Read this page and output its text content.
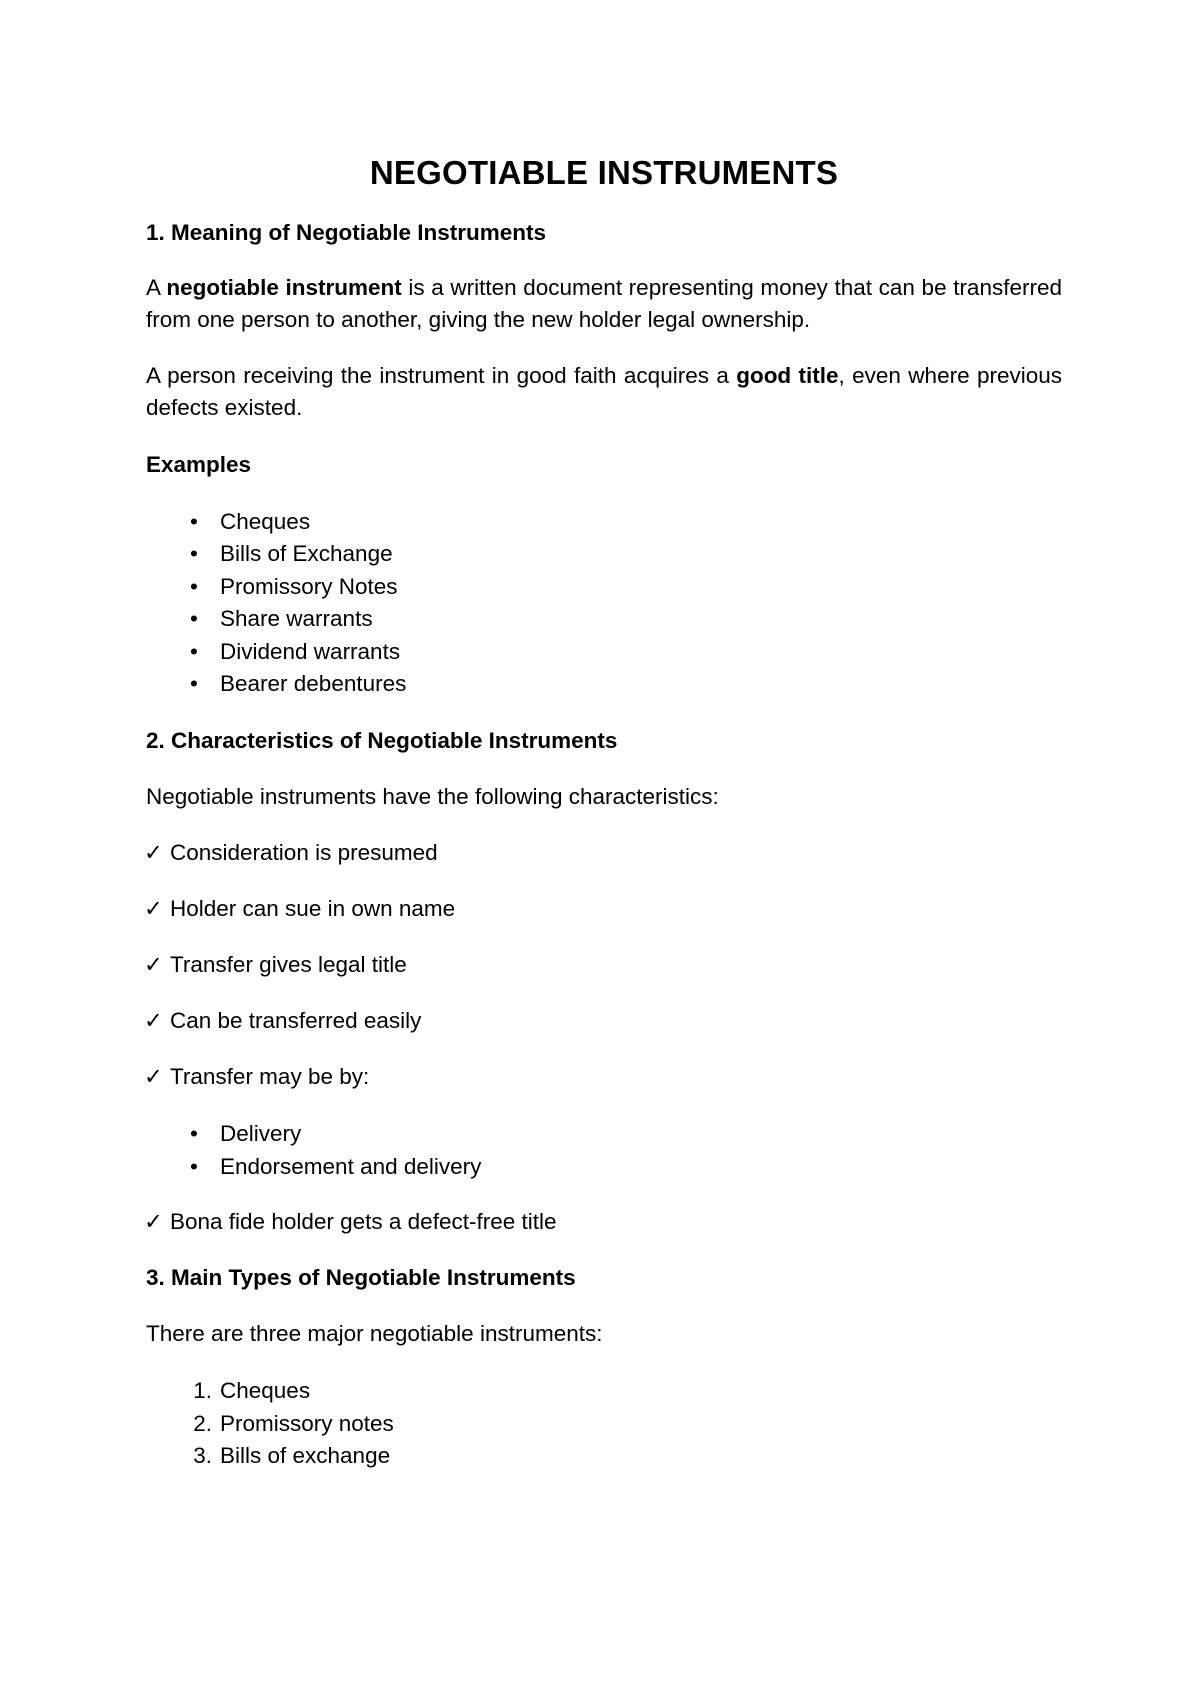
NEGOTIABLE INSTRUMENTS
1. Meaning of Negotiable Instruments

A negotiable instrument is a written document representing money that can be transferred from one person to another, giving the new holder legal ownership.

A person receiving the instrument in good faith acquires a good title, even where previous defects existed.

Examples
• Cheques
• Bills of Exchange
• Promissory Notes
• Share warrants
• Dividend warrants
• Bearer debentures
2. Characteristics of Negotiable Instruments

Negotiable instruments have the following characteristics:

✓ Consideration is presumed

✓ Holder can sue in own name

✓ Transfer gives legal title

✓ Can be transferred easily

✓ Transfer may be by:

• Delivery
• Endorsement and delivery

✓ Bona fide holder gets a defect-free title

3. Main Types of Negotiable Instruments

There are three major negotiable instruments:

1. Cheques
2. Promissory notes
3. Bills of exchange
